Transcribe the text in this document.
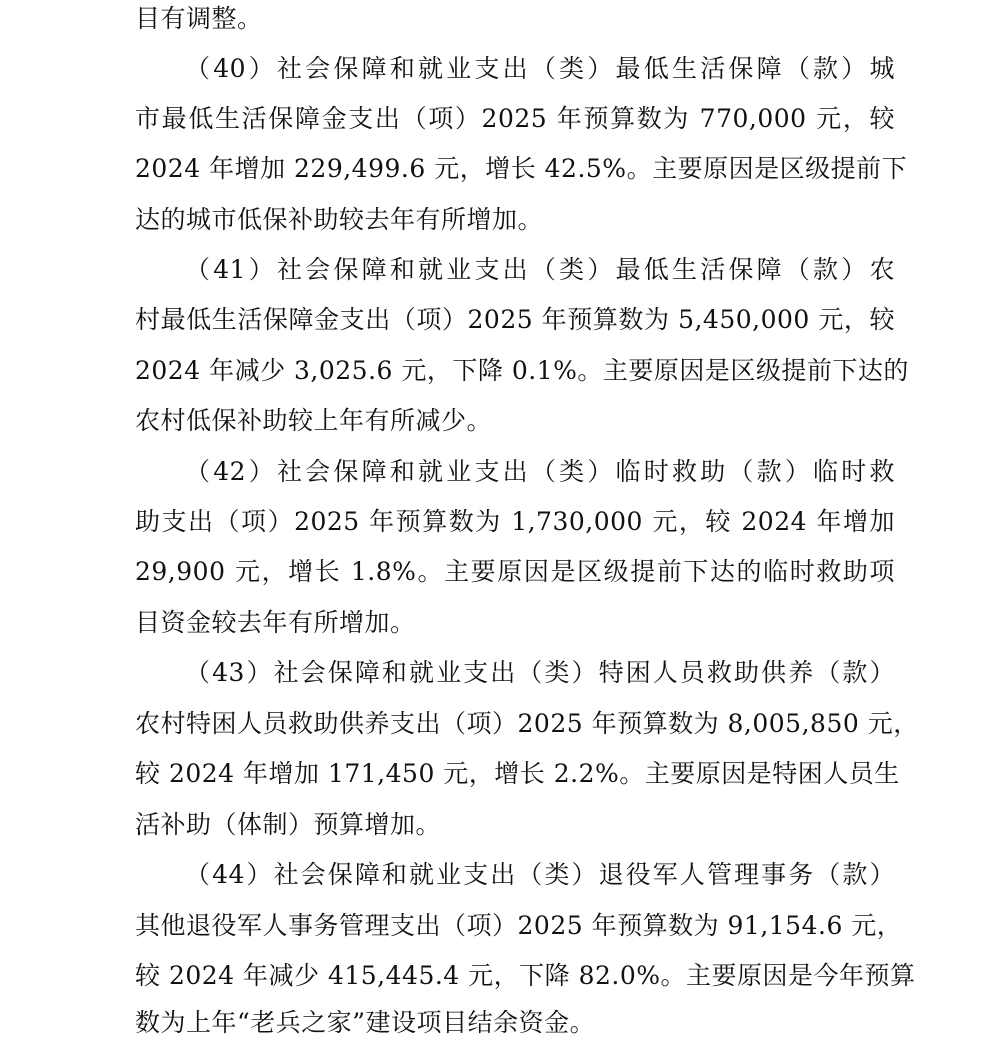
目有调整。
（40）社会保障和就业支出（类）最低生活保障（款）城
市最低生活保障金支出（项）2025 年预算数为 770,000 元，较
2024 年增加 229,499.6 元，增长 42.5%。主要原因是区级提前下
达的城市低保补助较去年有所增加。
（41）社会保障和就业支出（类）最低生活保障（款）农
村最低生活保障金支出（项）2025 年预算数为 5,450,000 元，较
2024 年减少 3,025.6 元，下降 0.1%。主要原因是区级提前下达的
农村低保补助较上年有所减少。
（42）社会保障和就业支出（类）临时救助（款）临时救
助支出（项）2025 年预算数为 1,730,000 元，较 2024 年增加
29,900 元，增长 1.8%。主要原因是区级提前下达的临时救助项
目资金较去年有所增加。
（43）社会保障和就业支出（类）特困人员救助供养（款）
农村特困人员救助供养支出（项）2025 年预算数为 8,005,850 元，
较 2024 年增加 171,450 元，增长 2.2%。主要原因是特困人员生
活补助（体制）预算增加。
（44）社会保障和就业支出（类）退役军人管理事务（款）
其他退役军人事务管理支出（项）2025 年预算数为 91,154.6 元，
较 2024 年减少 415,445.4 元，下降 82.0%。主要原因是今年预算
数为上年“老兵之家”建设项目结余资金。
